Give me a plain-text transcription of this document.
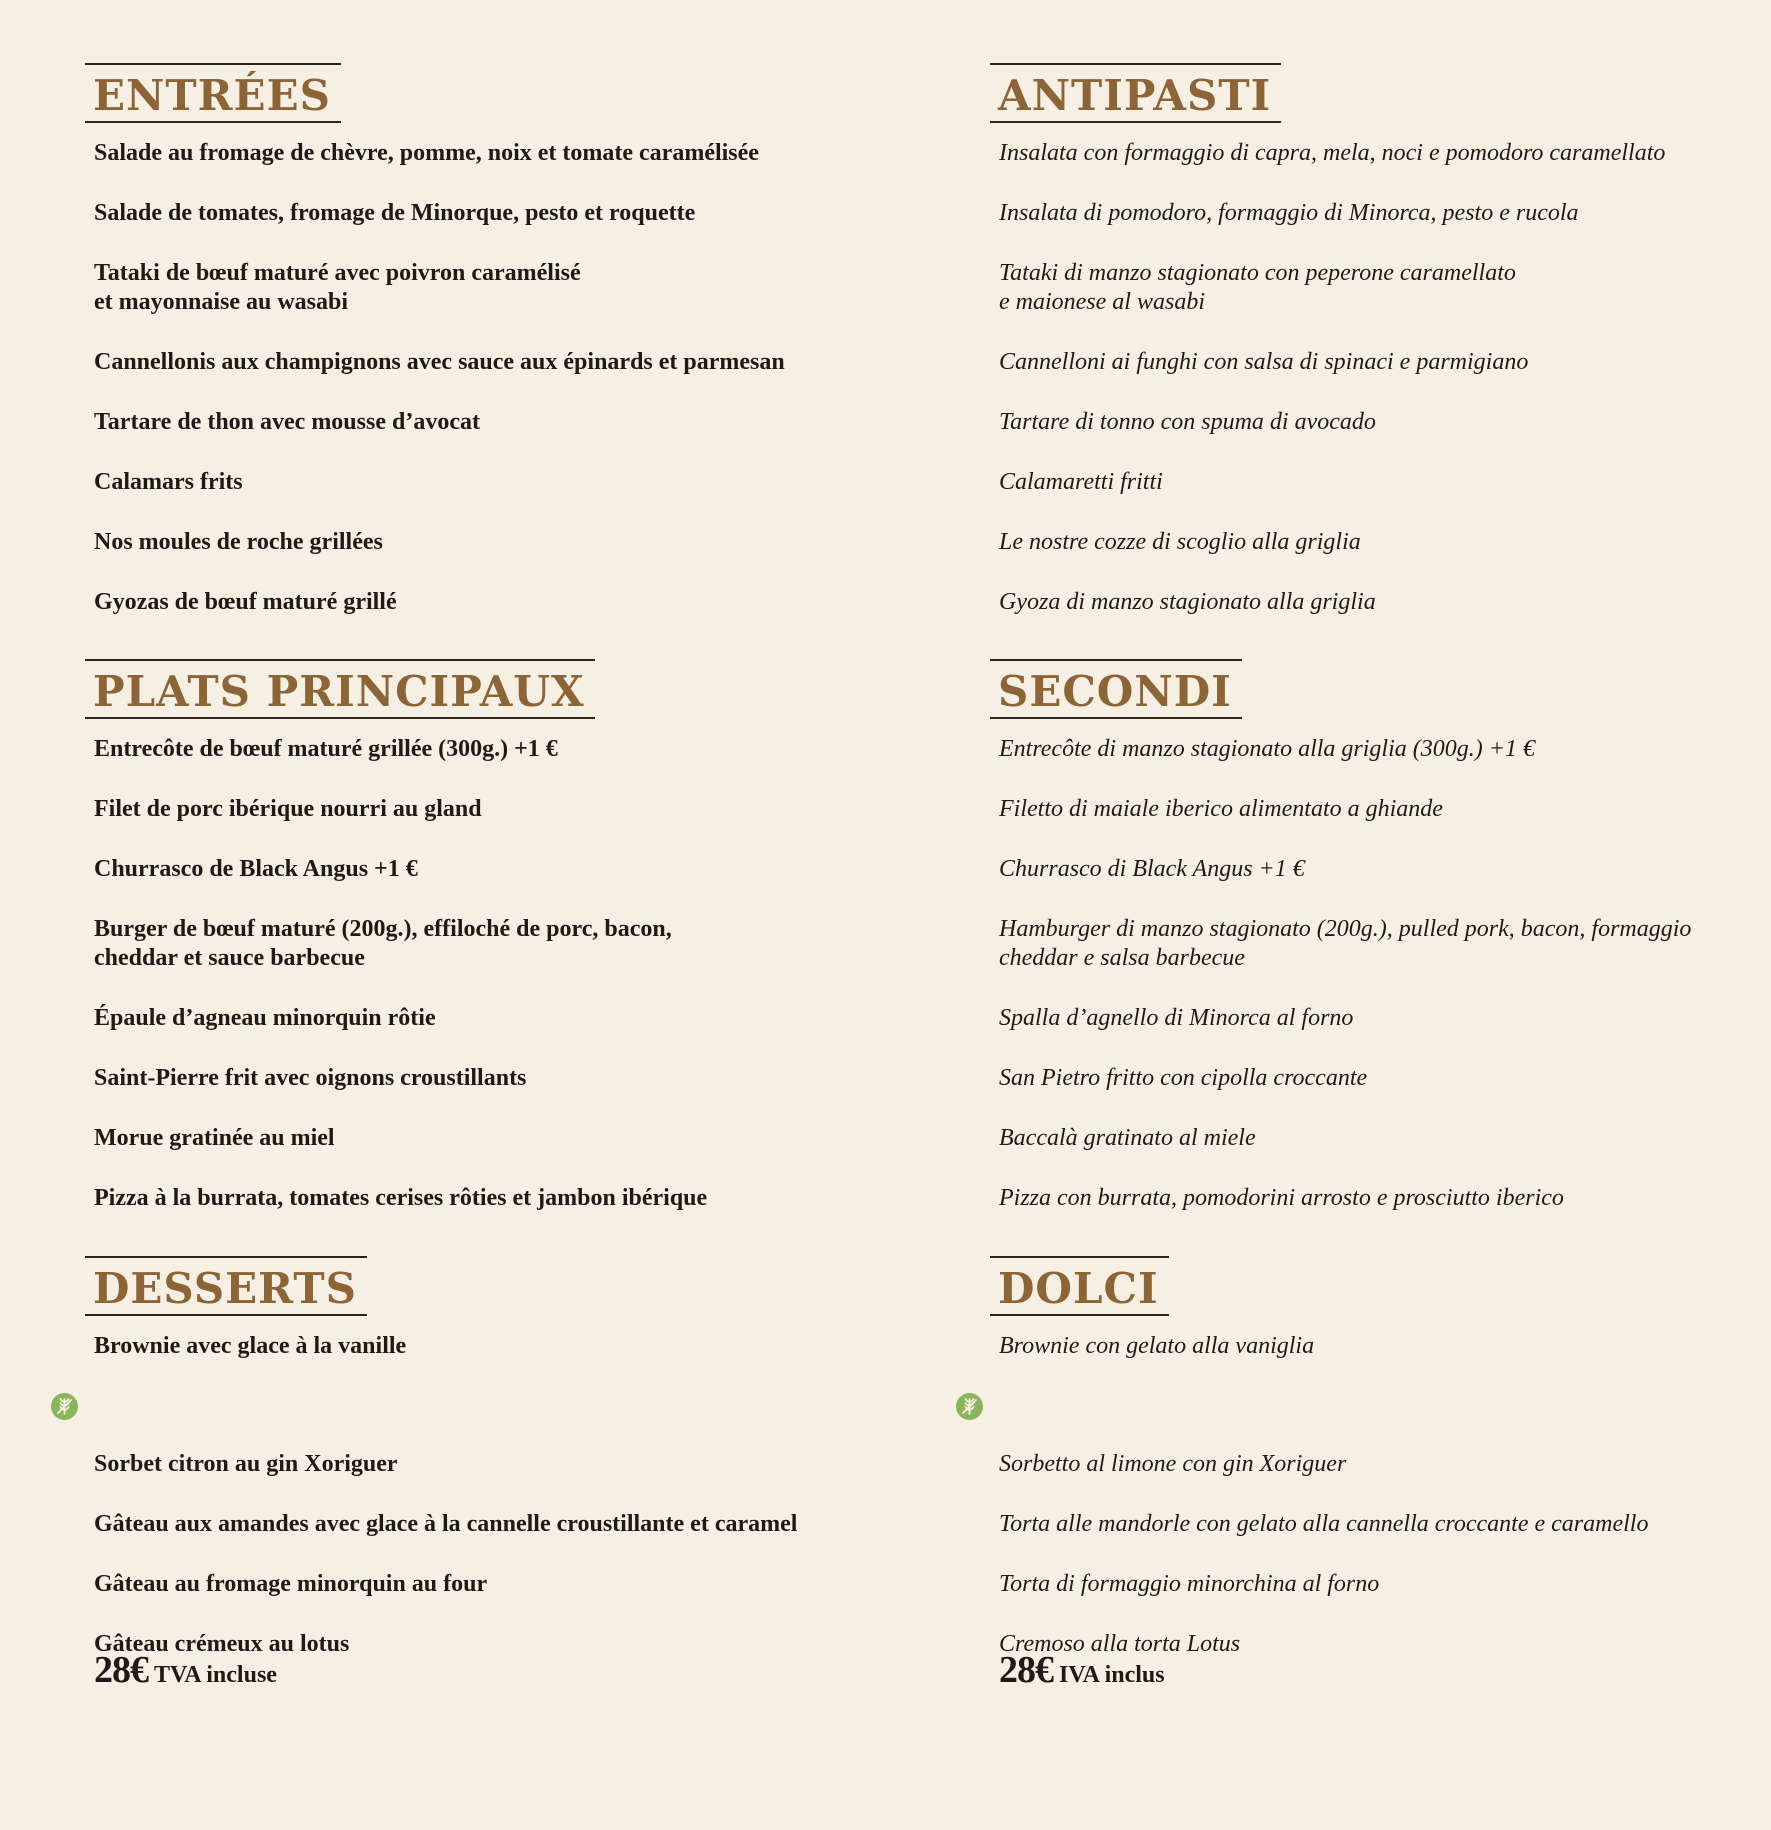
ENTRÉES
Salade au fromage de chèvre, pomme, noix et tomate caramélisée
Salade de tomates, fromage de Minorque, pesto et roquette
Tataki de bœuf maturé avec poivron caramélisé
et mayonnaise au wasabi
Cannellonis aux champignons avec sauce aux épinards et parmesan
Tartare de thon avec mousse d’avocat
Calamars frits
Nos moules de roche grillées
Gyozas de bœuf maturé grillé
PLATS PRINCIPAUX
Entrecôte de bœuf maturé grillée (300g.) +1 €
Filet de porc ibérique nourri au gland
Churrasco de Black Angus +1 €
Burger de bœuf maturé (200g.), effiloché de porc, bacon,
cheddar et sauce barbecue
Épaule d’agneau minorquin rôtie
Saint-Pierre frit avec oignons croustillants
Morue gratinée au miel
Pizza à la burrata, tomates cerises rôties et jambon ibérique
DESSERTS
Brownie avec glace à la vanille

Sorbet citron au gin Xoriguer

Gâteau aux amandes avec glace à la cannelle croustillante et caramel
Gâteau au fromage minorquin au four
Gâteau crémeux au lotus
28€ TVA incluse
ANTIPASTI
Insalata con formaggio di capra, mela, noci e pomodoro caramellato
Insalata di pomodoro, formaggio di Minorca, pesto e rucola
Tataki di manzo stagionato con peperone caramellato
e maionese al wasabi
Cannelloni ai funghi con salsa di spinaci e parmigiano
Tartare di tonno con spuma di avocado
Calamaretti fritti
Le nostre cozze di scoglio alla griglia
Gyoza di manzo stagionato alla griglia
SECONDI
Entrecôte di manzo stagionato alla griglia (300g.) +1 €
Filetto di maiale iberico alimentato a ghiande
Churrasco di Black Angus +1 €
Hamburger di manzo stagionato (200g.), pulled pork, bacon, formaggio
cheddar e salsa barbecue
Spalla d’agnello di Minorca al forno
San Pietro fritto con cipolla croccante
Baccalà gratinato al miele
Pizza con burrata, pomodorini arrosto e prosciutto iberico
DOLCI
Brownie con gelato alla vaniglia

Sorbetto al limone con gin Xoriguer

Torta alle mandorle con gelato alla cannella croccante e caramello
Torta di formaggio minorchina al forno
Cremoso alla torta Lotus
28€ IVA inclus
